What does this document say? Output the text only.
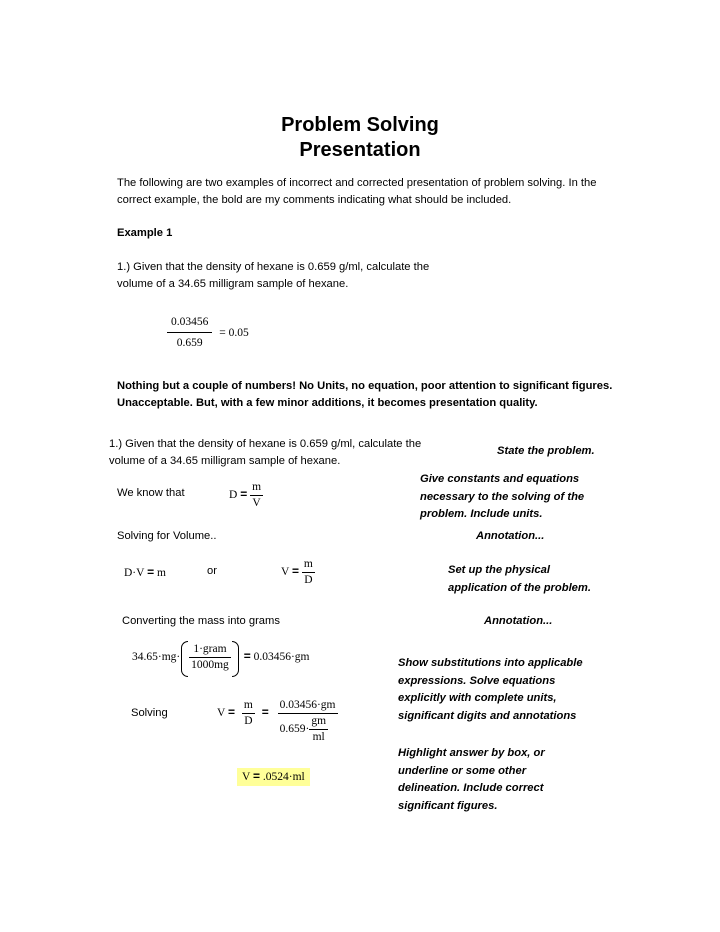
Problem Solving
Presentation
The following are two examples of incorrect and corrected presentation of problem solving. In the correct example, the bold are my comments indicating what should be included.
Example 1
1.) Given that the density of hexane is 0.659 g/ml, calculate the volume of a 34.65 milligram sample of hexane.
$\frac{0.03456}{0.659} = 0.05$
Nothing but a couple of numbers! No Units, no equation, poor attention to significant figures. Unacceptable. But, with a few minor additions, it becomes presentation quality.
1.) Given that the density of hexane is 0.659 g/ml, calculate the volume of a 34.65 milligram sample of hexane.
State the problem.
We know that	$D = \frac{m}{V}$
Give constants and equations necessary to the solving of the problem. Include units.
Solving for Volume..	Annotation...
D·V = m	or	$V = \frac{m}{D}$	Set up the physical application of the problem.
Converting the mass into grams	Annotation...
$34.65\cdot mg\cdot \frac{\text{1·gram}}{1000mg} = 0.03456\cdot gm$	Show substitutions into applicable expressions. Solve equations explicitly with complete units, significant digits and annotations
Solving	$V = \frac{m}{D} = \frac{0.03456\cdot gm}{0.659\cdot \frac{gm}{ml}}$
V = .0524·ml
Highlight answer by box, or underline or some other delineation. Include correct significant figures.
